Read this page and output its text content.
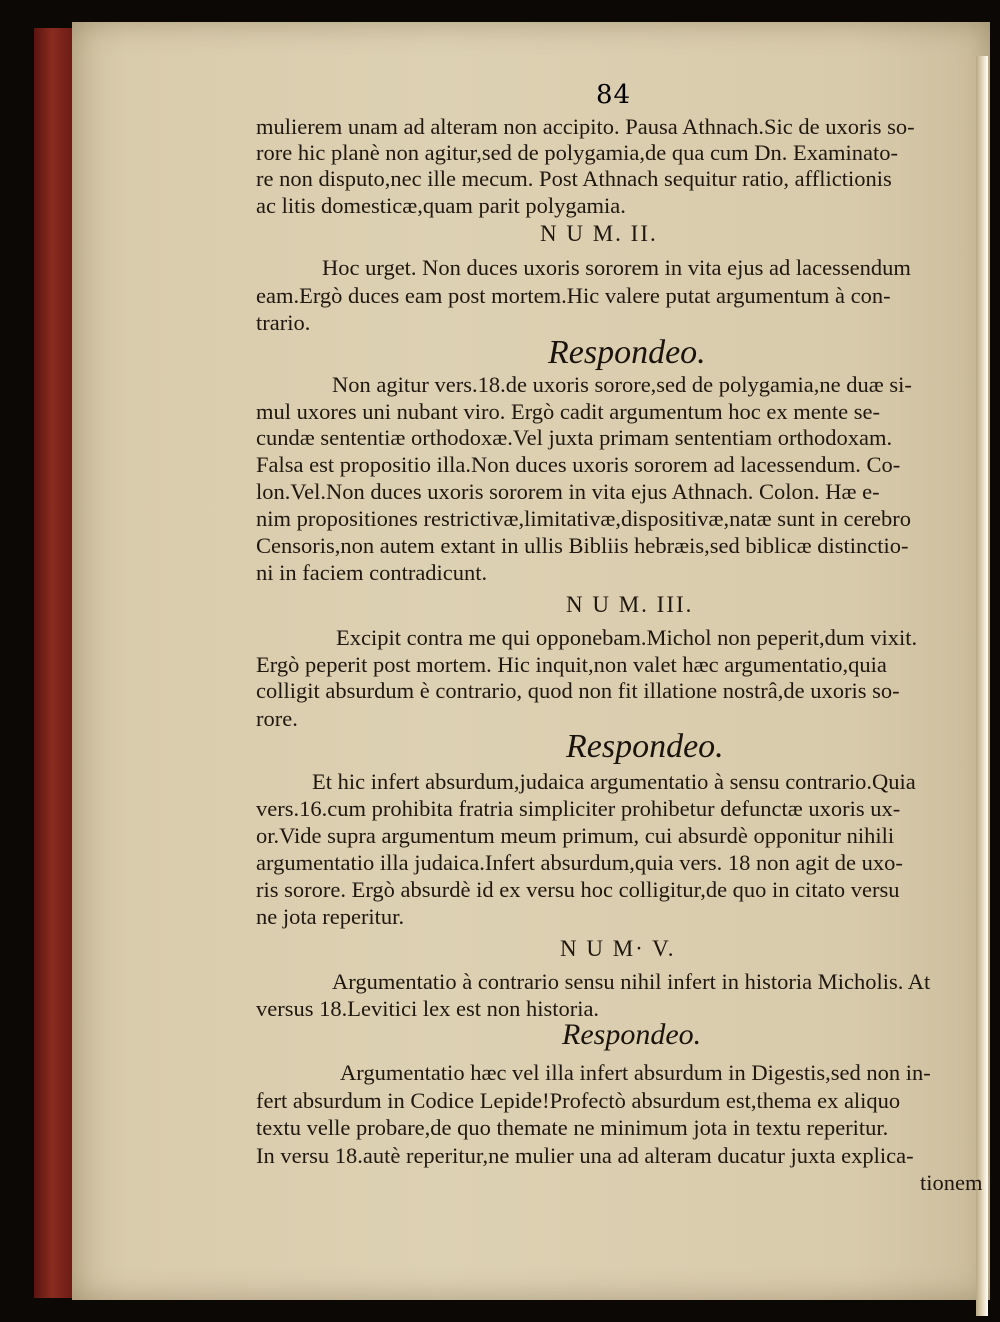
84
mulierem unam ad alteram non accipito. Pausa Athnach.Sic de uxoris so-
rore hic planè non agitur,sed de polygamia,de qua cum Dn. Examinato-
re non disputo,nec ille mecum. Post Athnach sequitur ratio, afflictionis
ac litis domesticæ,quam parit polygamia.
N U M. II.
Hoc urget. Non duces uxoris sororem in vita ejus ad lacessendum
eam.Ergò duces eam post mortem.Hic valere putat argumentum à con-
trario.
Respondeo.
Non agitur vers.18.de uxoris sorore,sed de polygamia,ne duæ si-
mul uxores uni nubant viro. Ergò cadit argumentum hoc ex mente se-
cundæ sententiæ orthodoxæ.Vel juxta primam sententiam orthodoxam.
Falsa est propositio illa.Non duces uxoris sororem ad lacessendum. Co-
lon.Vel.Non duces uxoris sororem in vita ejus Athnach. Colon. Hæ e-
nim propositiones restrictivæ,limitativæ,dispositivæ,natæ sunt in cerebro
Censoris,non autem extant in ullis Bibliis hebræis,sed biblicæ distinctio-
ni in faciem contradicunt.
N U M. III.
Excipit contra me qui opponebam.Michol non peperit,dum vixit.
Ergò peperit post mortem. Hic inquit,non valet hæc argumentatio,quia
colligit absurdum è contrario, quod non fit illatione nostrâ,de uxoris so-
rore.
Respondeo.
Et hic infert absurdum,judaica argumentatio à sensu contrario.Quia
vers.16.cum prohibita fratria simpliciter prohibetur defunctæ uxoris ux-
or.Vide supra argumentum meum primum, cui absurdè opponitur nihili
argumentatio illa judaica.Infert absurdum,quia vers. 18 non agit de uxo-
ris sorore. Ergò absurdè id ex versu hoc colligitur,de quo in citato versu
ne jota reperitur.
N U M· V.
Argumentatio à contrario sensu nihil infert in historia Micholis. At
versus 18.Levitici lex est non historia.
Respondeo.
Argumentatio hæc vel illa infert absurdum in Digestis,sed non in-
fert absurdum in Codice Lepide!Profectò absurdum est,thema ex aliquo
textu velle probare,de quo themate ne minimum jota in textu reperitur.
In versu 18.autè reperitur,ne mulier una ad alteram ducatur juxta explica-
tionem
